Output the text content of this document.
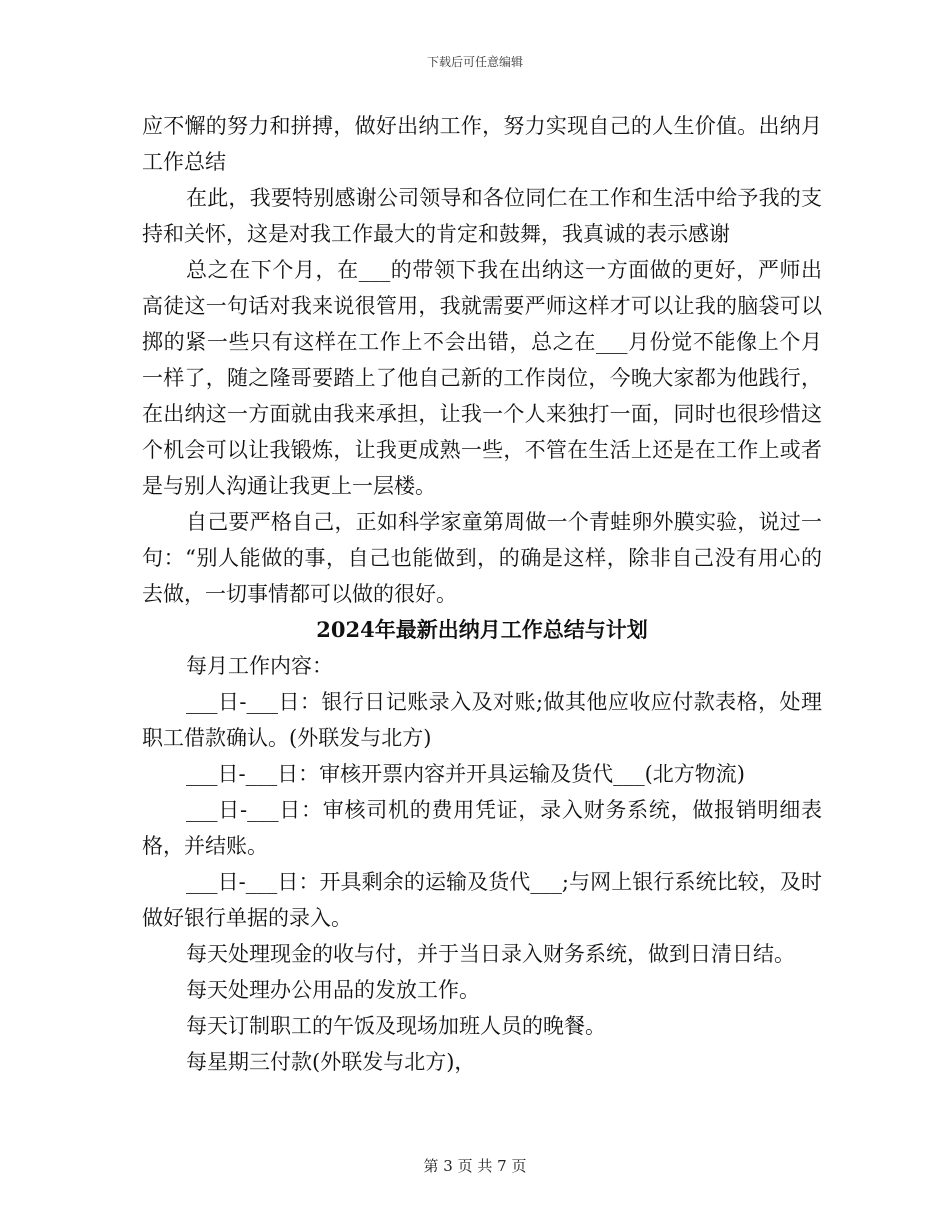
下载后可任意编辑

应不懈的努力和拼搏，做好出纳工作，努力实现自己的人生价值。出纳月工作总结

在此，我要特别感谢公司领导和各位同仁在工作和生活中给予我的支持和关怀，这是对我工作最大的肯定和鼓舞，我真诚的表示感谢

总之在下个月，在___的带领下我在出纳这一方面做的更好，严师出高徒这一句话对我来说很管用，我就需要严师这样才可以让我的脑袋可以掷的紧一些只有这样在工作上不会出错，总之在___月份觉不能像上个月一样了，随之隆哥要踏上了他自己新的工作岗位，今晚大家都为他践行，在出纳这一方面就由我来承担，让我一个人来独打一面，同时也很珍惜这个机会可以让我锻炼，让我更成熟一些，不管在生活上还是在工作上或者是与别人沟通让我更上一层楼。

自己要严格自己，正如科学家童第周做一个青蛙卵外膜实验，说过一句：“别人能做的事，自己也能做到，的确是这样，除非自己没有用心的去做，一切事情都可以做的很好。

2024年最新出纳月工作总结与计划

每月工作内容：

___日-___日：银行日记账录入及对账;做其他应收应付款表格，处理职工借款确认。(外联发与北方)

___日-___日：审核开票内容并开具运输及货代___(北方物流)

___日-___日：审核司机的费用凭证，录入财务系统，做报销明细表格，并结账。

___日-___日：开具剩余的运输及货代___;与网上银行系统比较，及时做好银行单据的录入。

每天处理现金的收与付，并于当日录入财务系统，做到日清日结。

每天处理办公用品的发放工作。

每天订制职工的午饭及现场加班人员的晚餐。

每星期三付款(外联发与北方)，

第 3 页 共 7 页
